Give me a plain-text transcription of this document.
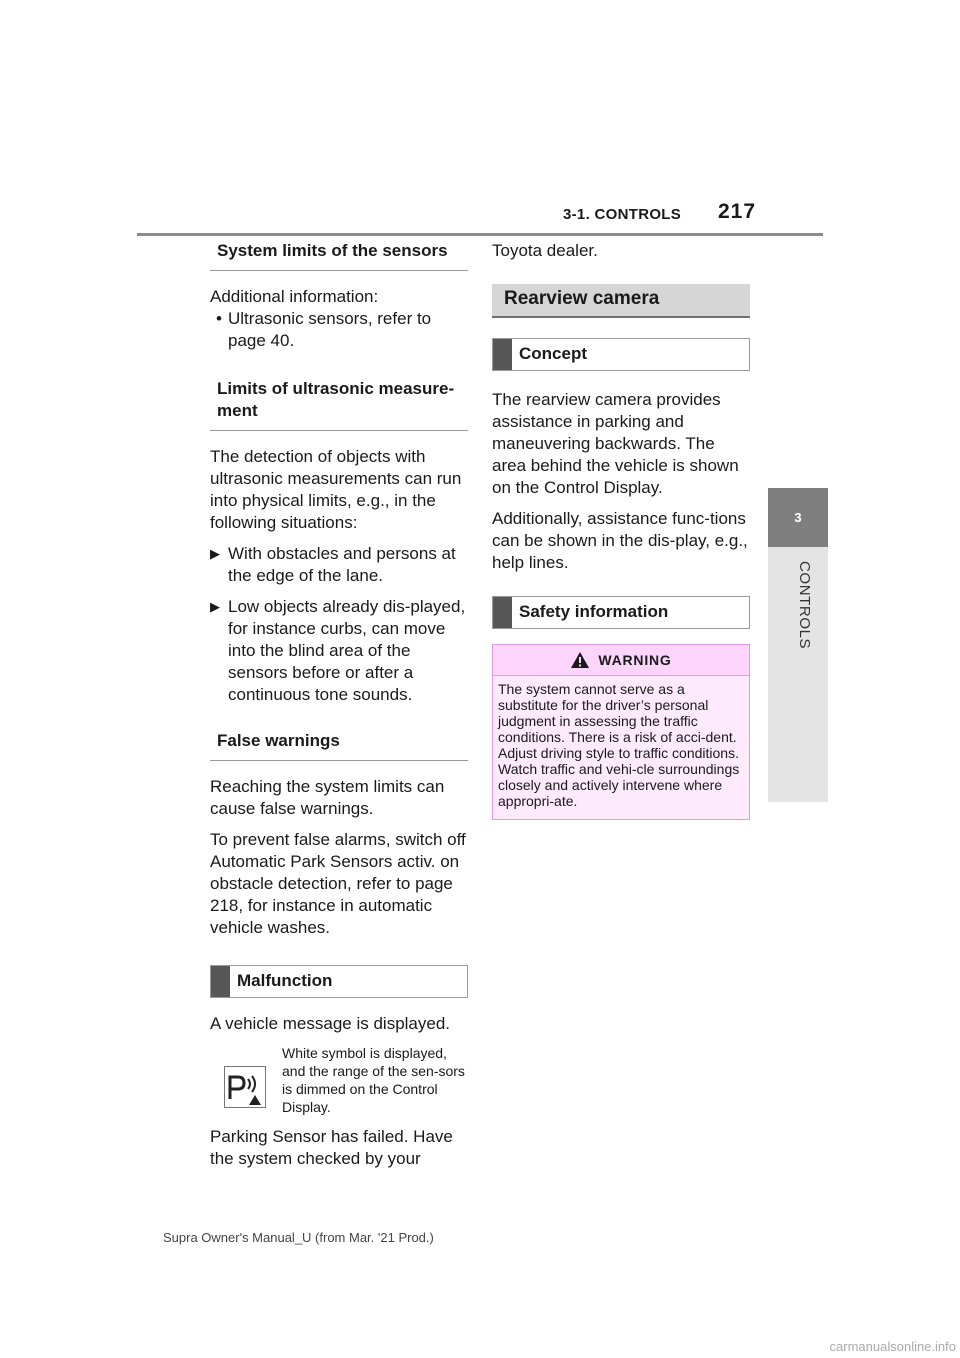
3-1. CONTROLS 217
3
CONTROLS
System limits of the sensors

Additional information:

• Ultrasonic sensors, refer to page 40.
Limits of ultrasonic measure-ment

The detection of objects with ultrasonic measurements can run into physical limits, e.g., in the following situations:

▶ With obstacles and persons at the edge of the lane.
▶ Low objects already dis-played, for instance curbs, can move into the blind area of the sensors before or after a continuous tone sounds.
False warnings

Reaching the system limits can cause false warnings.

To prevent false alarms, switch off Automatic Park Sensors activ. on obstacle detection, refer to page 218, for instance in automatic vehicle washes.

Malfunction

A vehicle message is displayed.

White symbol is displayed, and the range of the sen-sors is dimmed on the Control Display.

Parking Sensor has failed. Have the system checked by your

Toyota dealer.

Rearview camera
Concept

The rearview camera provides assistance in parking and maneuvering backwards. The area behind the vehicle is shown on the Control Display.

Additionally, assistance func-tions can be shown in the dis-play, e.g., help lines.

Safety information
WARNING
The system cannot serve as a substitute for the driver’s personal judgment in assessing the traffic conditions. There is a risk of acci-dent. Adjust driving style to traffic conditions. Watch traffic and vehi-cle surroundings closely and actively intervene where appropri-ate.
Supra Owner's Manual_U (from Mar. '21 Prod.)
carmanualsonline.info
